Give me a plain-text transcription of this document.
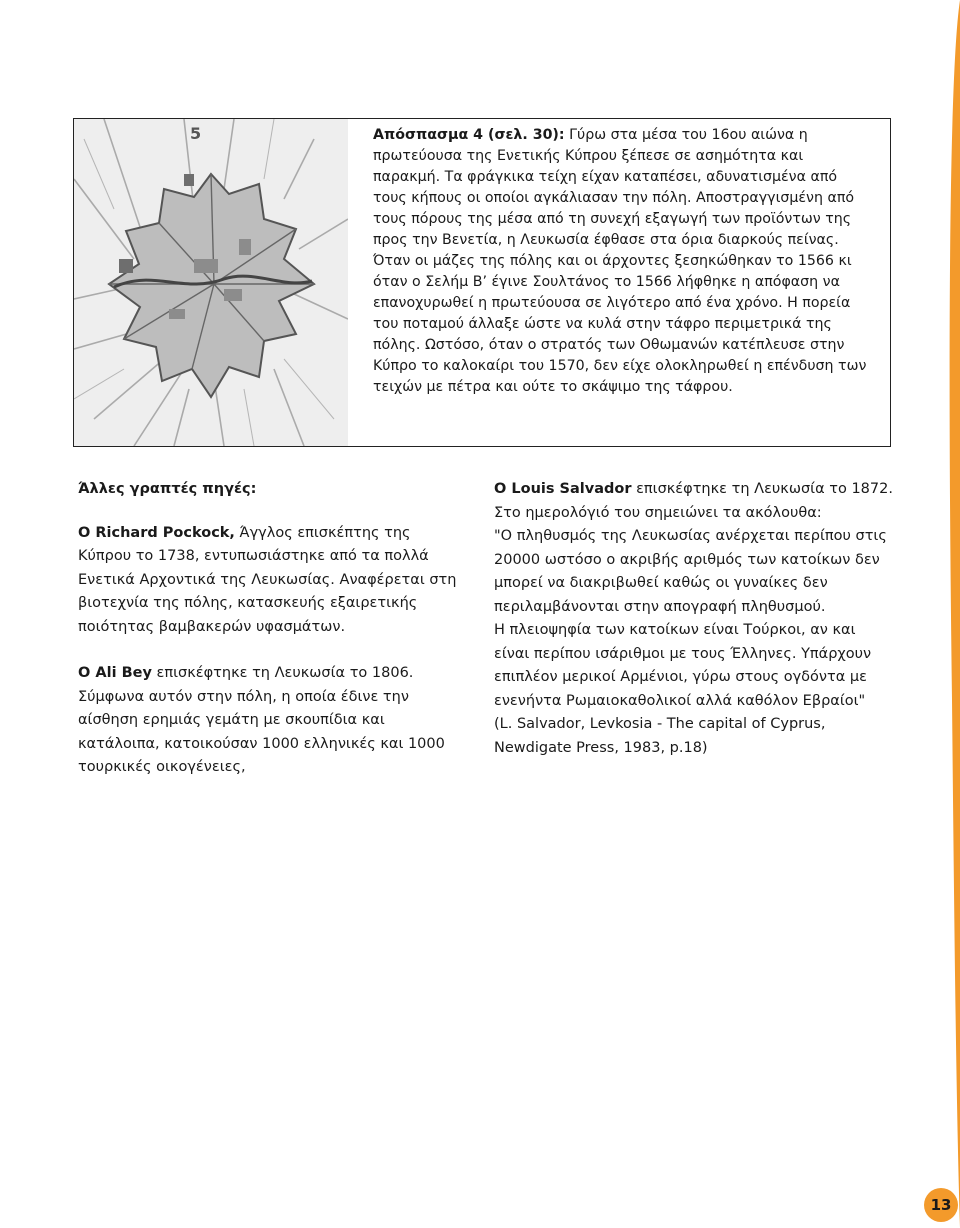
5	Απόσπασμα 4 (σελ. 30): Γύρω στα μέσα του 16ου αιώνα η πρωτεύουσα της Ενετικής Κύπρου ξέπεσε σε ασημότητα και παρακμή. Τα φράγκικα τείχη είχαν καταπέσει, αδυνατισμένα από τους κήπους οι οποίοι αγκάλιασαν την πόλη. Αποστραγγισμένη από τους πόρους της μέσα από τη συνεχή εξαγωγή των προϊόντων της προς την Βενετία, η Λευκωσία έφθασε στα όρια διαρκούς πείνας. Όταν οι μάζες της πόλης και οι άρχοντες ξεσηκώθηκαν το 1566 κι όταν ο Σελήμ Β’ έγινε Σουλτάνος το 1566 λήφθηκε η απόφαση να επανοχυρωθεί η πρωτεύουσα σε λιγότερο από ένα χρόνο. Η πορεία του ποταμού άλλαξε ώστε να κυλά στην τάφρο περιμετρικά της πόλης. Ωστόσο, όταν ο στρατός των Οθωμανών κατέπλευσε στην Κύπρο το καλοκαίρι του 1570, δεν είχε ολοκληρωθεί η επένδυση των τειχών με πέτρα και ούτε το σκάψιμο της τάφρου.

Άλλες γραπτές πηγές:

Ο Richard Pockock, Άγγλος επισκέπτης της Κύπρου το 1738, εντυπωσιάστηκε από τα πολλά Ενετικά Αρχοντικά της Λευκωσίας. Αναφέρεται στη βιοτεχνία της πόλης, κατασκευής εξαιρετικής ποιότητας βαμβακερών υφασμάτων.

Ο Ali Bey επισκέφτηκε τη Λευκωσία το 1806. Σύμφωνα αυτόν στην πόλη, η οποία έδινε την αίσθηση ερημιάς γεμάτη με σκουπίδια και κατάλοιπα, κατοικούσαν 1000 ελληνικές και 1000 τουρκικές οικογένειες,

Ο Louis Salvador επισκέφτηκε τη Λευκωσία το 1872.

Στο ημερολόγιό του σημειώνει τα ακόλουθα:

"Ο πληθυσμός της Λευκωσίας ανέρχεται περίπου στις 20000 ωστόσο ο ακριβής αριθμός των κατοίκων δεν μπορεί να διακριβωθεί καθώς οι γυναίκες δεν περιλαμβάνονται στην απογραφή πληθυσμού.

Η πλειοψηφία των κατοίκων είναι Τούρκοι, αν και είναι περίπου ισάριθμοι με τους Έλληνες. Υπάρχουν επιπλέον μερικοί Αρμένιοι, γύρω στους ογδόντα με ενενήντα Ρωμαιοκαθολικοί αλλά καθόλον Εβραίοι"

(L. Salvador, Levkosia - The capital of Cyprus, Newdigate Press, 1983, p.18)

13
